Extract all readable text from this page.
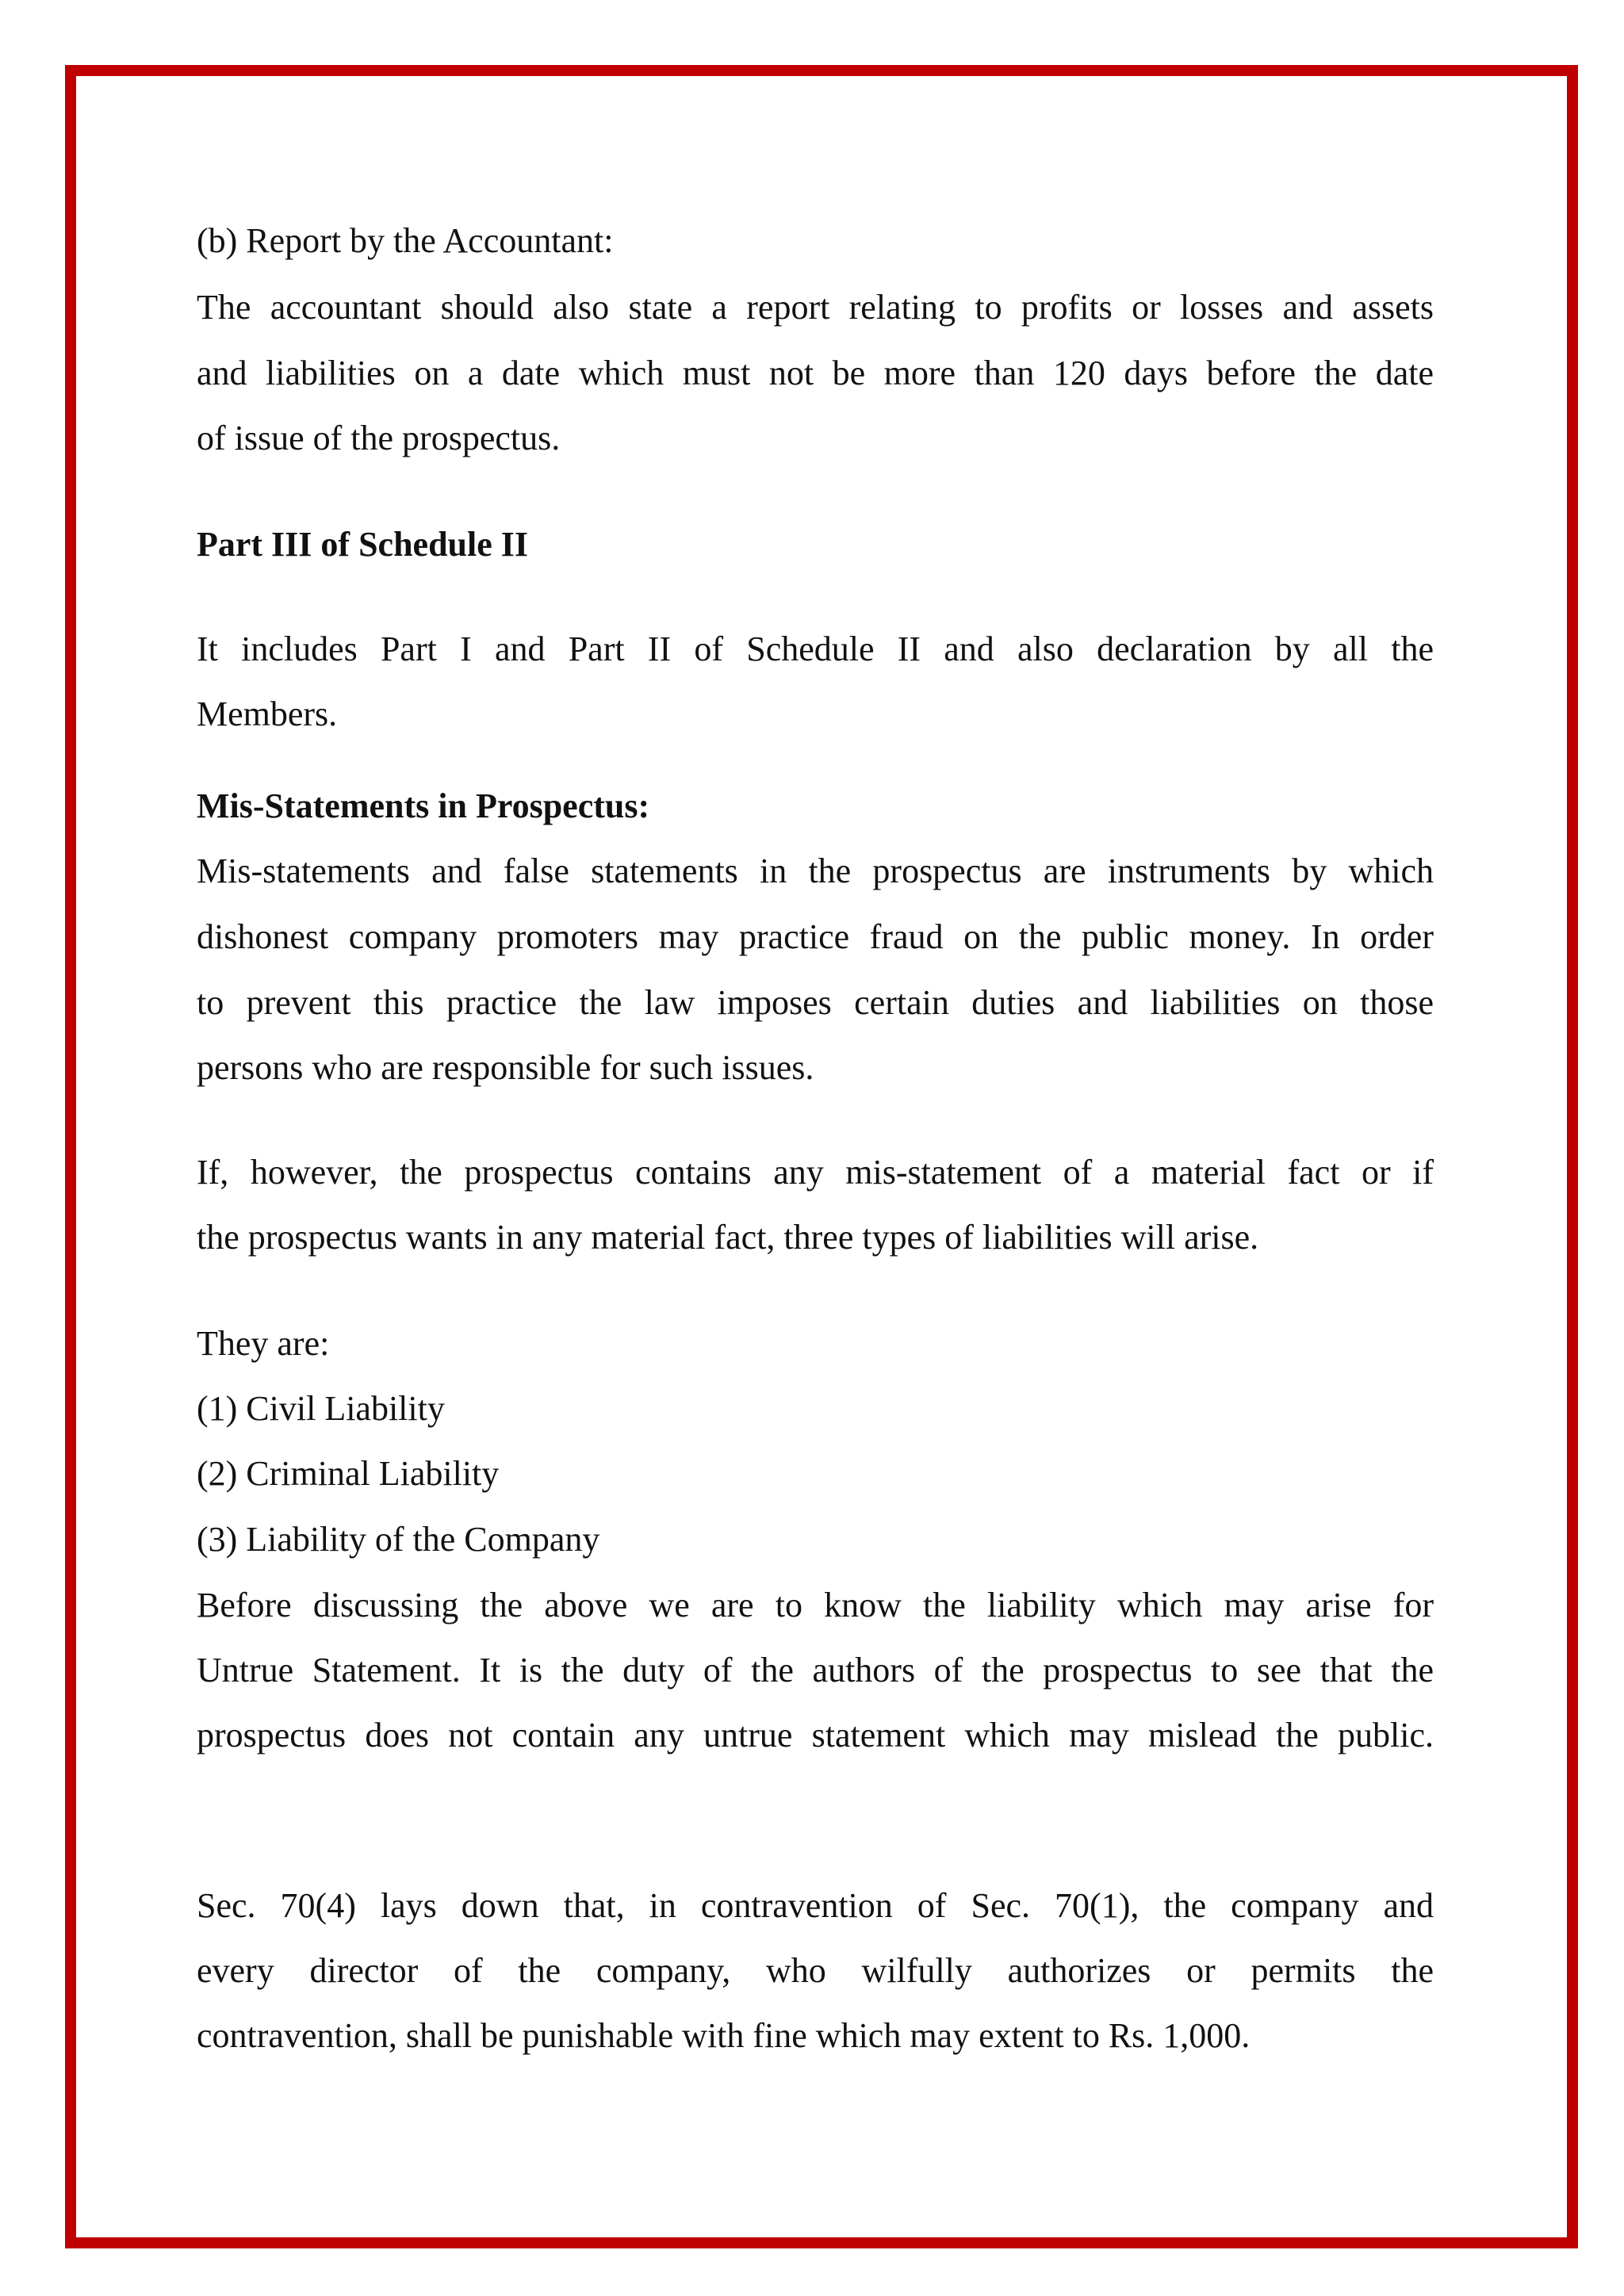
(b) Report by the Accountant:
The accountant should also state a report relating to profits or losses and assets
and liabilities on a date which must not be more than 120 days before the date
of issue of the prospectus.
Part III of Schedule II
It includes Part I and Part II of Schedule II and also declaration by all the
Members.
Mis-Statements in Prospectus:
Mis-statements and false statements in the prospectus are instruments by which
dishonest company promoters may practice fraud on the public money. In order
to prevent this practice the law imposes certain duties and liabilities on those
persons who are responsible for such issues.
If, however, the prospectus contains any mis-statement of a material fact or if
the prospectus wants in any material fact, three types of liabilities will arise.
They are:
(1) Civil Liability
(2) Criminal Liability
(3) Liability of the Company
Before discussing the above we are to know the liability which may arise for
Untrue Statement. It is the duty of the authors of the prospectus to see that the
prospectus does not contain any untrue statement which may mislead the public.
Sec. 70(4) lays down that, in contravention of Sec. 70(1), the company and
every director of the company, who wilfully authorizes or permits the
contravention, shall be punishable with fine which may extent to Rs. 1,000.
